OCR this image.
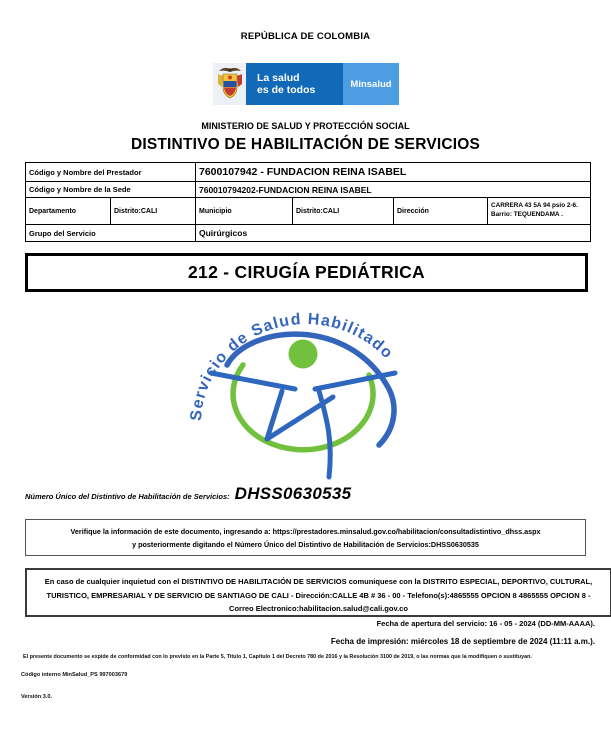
REPÚBLICA DE COLOMBIA
La salud
es de todos	Minsalud
MINISTERIO DE SALUD Y PROTECCIÓN SOCIAL
DISTINTIVO DE HABILITACIÓN DE SERVICIOS
Código y Nombre del Prestador		7600107942 - FUNDACION REINA ISABEL			
Código y Nombre de la Sede		760010794202-FUNDACION REINA ISABEL			
Departamento	Distrito:CALI	Municipio	Distrito:CALI	Dirección	CARRERA 43 5A 94 psio 2-6. Barrio: TEQUENDAMA .
Grupo del Servicio		Quirúrgicos			
212 - CIRUGÍA PEDIÁTRICA
Servicio de Salud Habilitado
Número Único del Distintivo de Habilitación de Servicios: DHSS0630535
Verifique la información de este documento, ingresando a: https://prestadores.minsalud.gov.co/habilitacion/consultadistintivo_dhss.aspx
y posteriormente digitando el Número Único del Distintivo de Habilitación de Servicios:DHSS0630535
En caso de cualquier inquietud con el DISTINTIVO DE HABILITACIÓN DE SERVICIOS comuniquese con la DISTRITO ESPECIAL, DEPORTIVO, CULTURAL, TURISTICO, EMPRESARIAL Y DE SERVICIO DE SANTIAGO DE CALI - Dirección:CALLE 4B # 36 - 00 - Telefono(s):4865555 OPCION 8 4865555 OPCION 8 - Correo Electronico:habilitacion.salud@cali.gov.co
Fecha de apertura del servicio: 16 - 05 - 2024 (DD-MM-AAAA).
Fecha de impresión: miércoles 18 de septiembre de 2024 (11:11 a.m.).
El presente documento se expide de conformidad con lo previsto en la Parte 5, Titulo 1, Capitulo 1 del Decreto 780 de 2016 y la Resolución 3100 de 2019, o las normas que la modifiquen o sustituyan.
Código interno MinSalud_PS 997003679
Versión 3.0.
